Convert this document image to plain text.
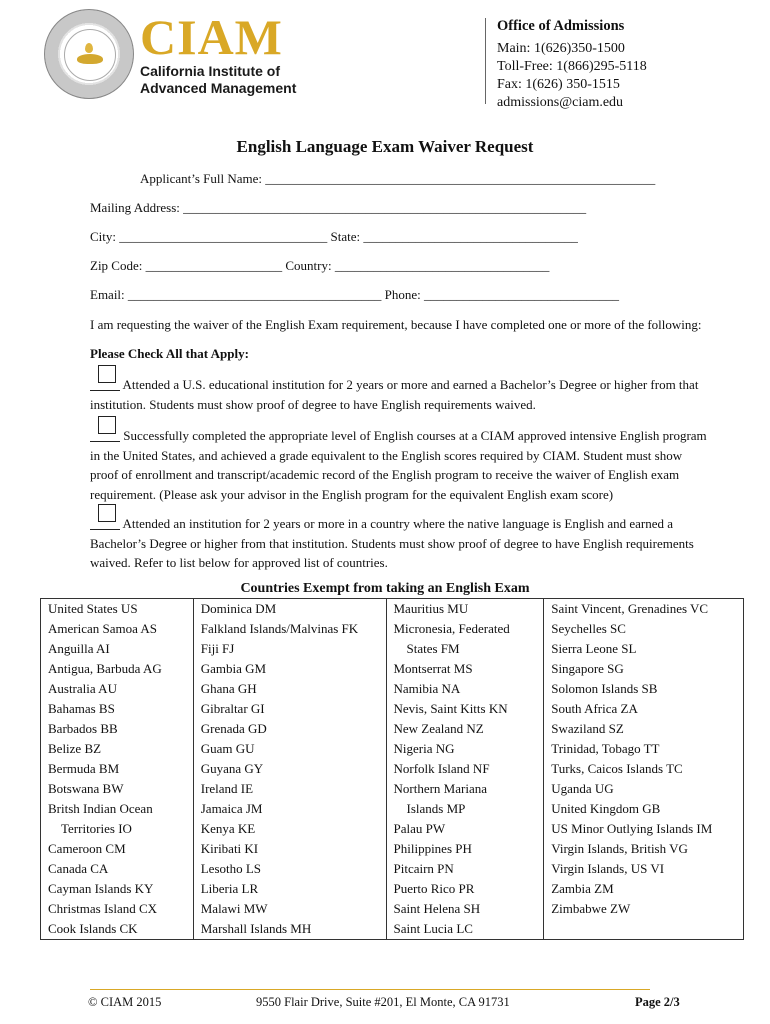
CIAM
California Institute of
Advanced Management
Office of Admissions
Main: 1(626)350-1500
Toll-Free: 1(866)295-5118
Fax: 1(626) 350-1515
admissions@ciam.edu
English Language Exam Waiver Request
Applicant’s Full Name: ____________________________________________________________
Mailing Address: ______________________________________________________________
City: ________________________________ State: _________________________________
Zip Code: _____________________ Country: _________________________________
Email: _______________________________________ Phone: ______________________________
I am requesting the waiver of the English Exam requirement, because I have completed one or more of the following:
Please Check All that Apply:
Attended a U.S. educational institution for 2 years or more and earned a Bachelor’s Degree or higher from that
institution. Students must show proof of degree to have English requirements waived.
Successfully completed the appropriate level of English courses at a CIAM approved intensive English program
in the United States, and achieved a grade equivalent to the English scores required by CIAM. Student must show
proof of enrollment and transcript/academic record of the English program to receive the waiver of English exam
requirement. (Please ask your advisor in the English program for the equivalent English exam score)
Attended an institution for 2 years or more in a country where the native language is English and earned a
Bachelor’s Degree or higher from that institution. Students must show proof of degree to have English requirements
waived. Refer to list below for approved list of countries.
Countries Exempt from taking an English Exam
United States US	Dominica DM	Mauritius MU	Saint Vincent, Grenadines VC
American Samoa AS	Falkland Islands/Malvinas FK	Micronesia, Federated	Seychelles SC
Anguilla AI	Fiji FJ	States FM	Sierra Leone SL
Antigua, Barbuda AG	Gambia GM	Montserrat MS	Singapore SG
Australia AU	Ghana GH	Namibia NA	Solomon Islands SB
Bahamas BS	Gibraltar GI	Nevis, Saint Kitts KN	South Africa ZA
Barbados BB	Grenada GD	New Zealand NZ	Swaziland SZ
Belize BZ	Guam GU	Nigeria NG	Trinidad, Tobago TT
Bermuda BM	Guyana GY	Norfolk Island NF	Turks, Caicos Islands TC
Botswana BW	Ireland IE	Northern Mariana	Uganda UG
Britsh Indian Ocean	Jamaica JM	Islands MP	United Kingdom GB
Territories IO	Kenya KE	Palau PW	US Minor Outlying Islands IM
Cameroon CM	Kiribati KI	Philippines PH	Virgin Islands, British VG
Canada CA	Lesotho LS	Pitcairn PN	Virgin Islands, US VI
Cayman Islands KY	Liberia LR	Puerto Rico PR	Zambia ZM
Christmas Island CX	Malawi MW	Saint Helena SH	Zimbabwe ZW
Cook Islands CK	Marshall Islands MH	Saint Lucia LC	
© CIAM 2015	9550 Flair Drive, Suite #201, El Monte, CA 91731	Page 2/3
